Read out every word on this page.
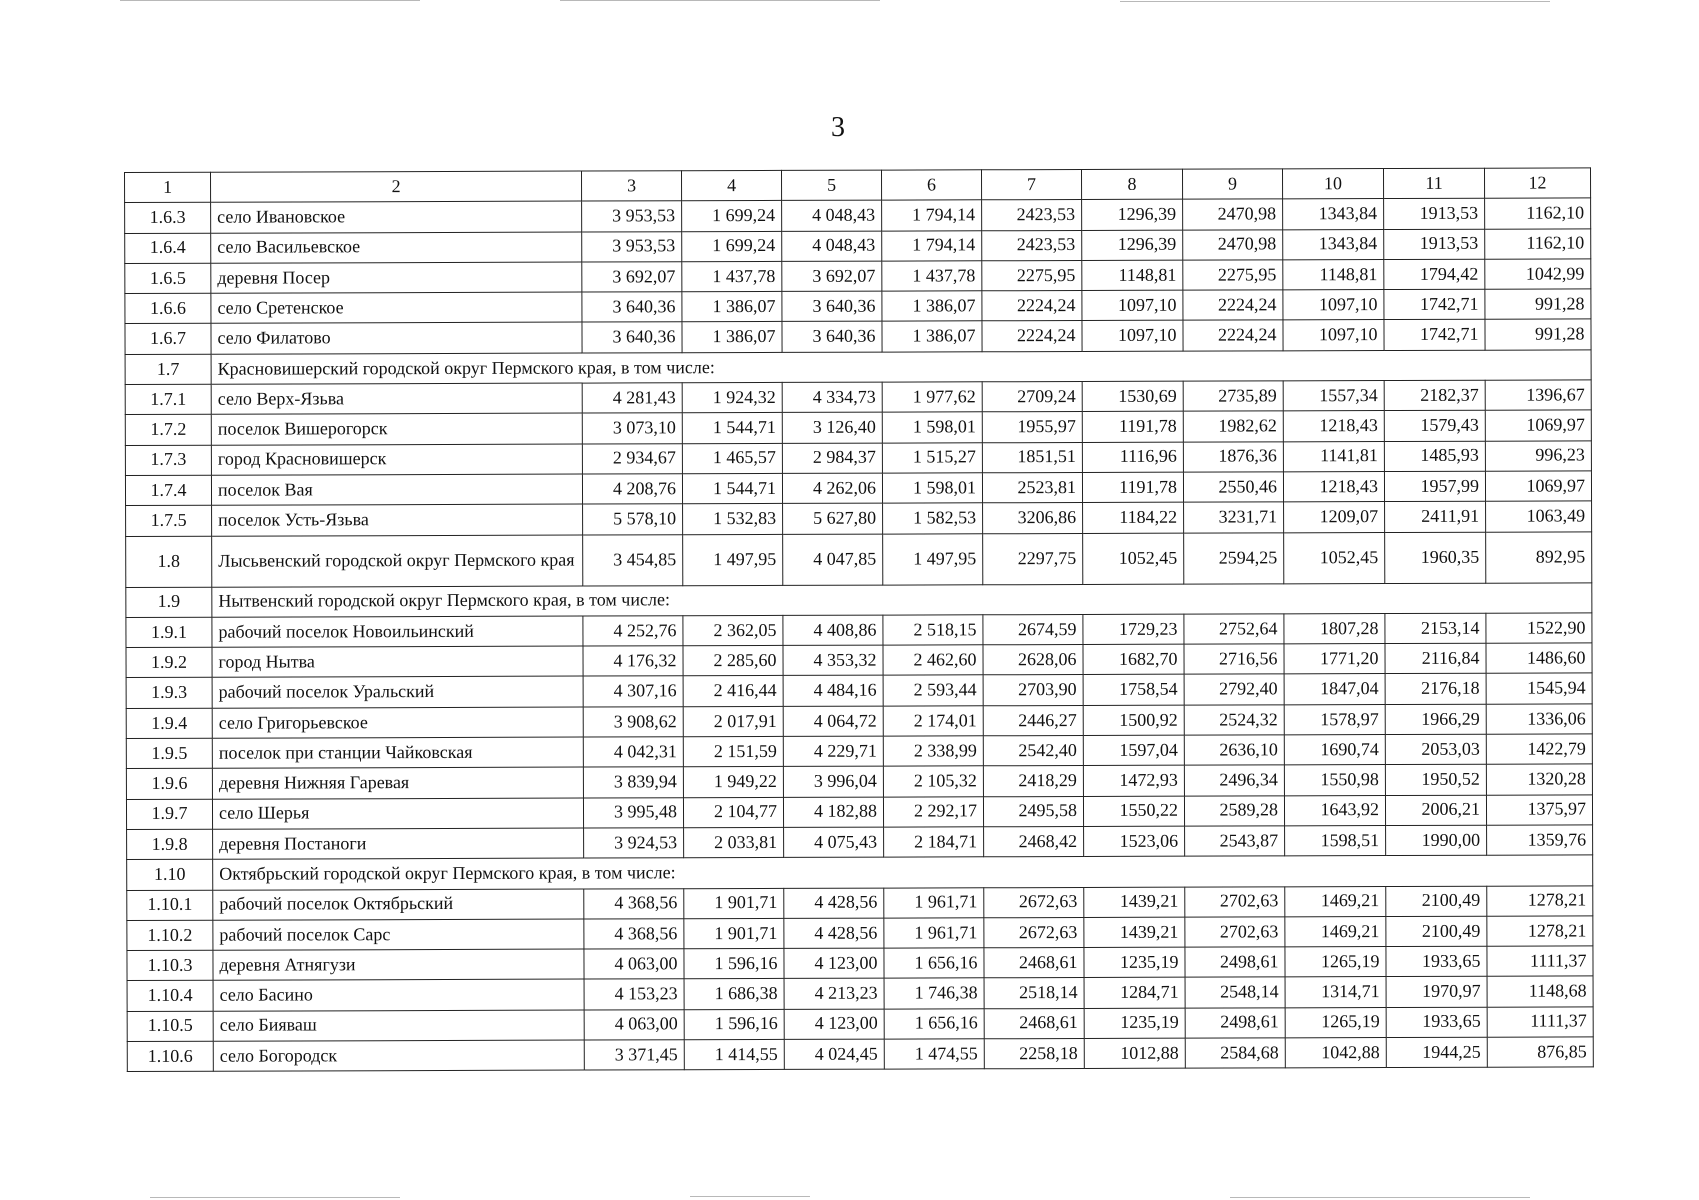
3
1	2	3	4	5	6	7	8	9	10	11	12
1.6.3	село Ивановское	3 953,53	1 699,24	4 048,43	1 794,14	2423,53	1296,39	2470,98	1343,84	1913,53	1162,10
1.6.4	село Васильевское	3 953,53	1 699,24	4 048,43	1 794,14	2423,53	1296,39	2470,98	1343,84	1913,53	1162,10
1.6.5	деревня Посер	3 692,07	1 437,78	3 692,07	1 437,78	2275,95	1148,81	2275,95	1148,81	1794,42	1042,99
1.6.6	село Сретенское	3 640,36	1 386,07	3 640,36	1 386,07	2224,24	1097,10	2224,24	1097,10	1742,71	991,28
1.6.7	село Филатово	3 640,36	1 386,07	3 640,36	1 386,07	2224,24	1097,10	2224,24	1097,10	1742,71	991,28
1.7	Красновишерский городской округ Пермского края, в том числе:										
1.7.1	село Верх-Язьва	4 281,43	1 924,32	4 334,73	1 977,62	2709,24	1530,69	2735,89	1557,34	2182,37	1396,67
1.7.2	поселок Вишерогорск	3 073,10	1 544,71	3 126,40	1 598,01	1955,97	1191,78	1982,62	1218,43	1579,43	1069,97
1.7.3	город Красновишерск	2 934,67	1 465,57	2 984,37	1 515,27	1851,51	1116,96	1876,36	1141,81	1485,93	996,23
1.7.4	поселок Вая	4 208,76	1 544,71	4 262,06	1 598,01	2523,81	1191,78	2550,46	1218,43	1957,99	1069,97
1.7.5	поселок Усть-Язьва	5 578,10	1 532,83	5 627,80	1 582,53	3206,86	1184,22	3231,71	1209,07	2411,91	1063,49
1.8	Лысьвенский городской округ Пермского края	3 454,85	1 497,95	4 047,85	1 497,95	2297,75	1052,45	2594,25	1052,45	1960,35	892,95
1.9	Нытвенский городской округ Пермского края, в том числе:										
1.9.1	рабочий поселок Новоильинский	4 252,76	2 362,05	4 408,86	2 518,15	2674,59	1729,23	2752,64	1807,28	2153,14	1522,90
1.9.2	город Нытва	4 176,32	2 285,60	4 353,32	2 462,60	2628,06	1682,70	2716,56	1771,20	2116,84	1486,60
1.9.3	рабочий поселок Уральский	4 307,16	2 416,44	4 484,16	2 593,44	2703,90	1758,54	2792,40	1847,04	2176,18	1545,94
1.9.4	село Григорьевское	3 908,62	2 017,91	4 064,72	2 174,01	2446,27	1500,92	2524,32	1578,97	1966,29	1336,06
1.9.5	поселок при станции Чайковская	4 042,31	2 151,59	4 229,71	2 338,99	2542,40	1597,04	2636,10	1690,74	2053,03	1422,79
1.9.6	деревня Нижняя Гаревая	3 839,94	1 949,22	3 996,04	2 105,32	2418,29	1472,93	2496,34	1550,98	1950,52	1320,28
1.9.7	село Шерья	3 995,48	2 104,77	4 182,88	2 292,17	2495,58	1550,22	2589,28	1643,92	2006,21	1375,97
1.9.8	деревня Постаноги	3 924,53	2 033,81	4 075,43	2 184,71	2468,42	1523,06	2543,87	1598,51	1990,00	1359,76
1.10	Октябрьский городской округ Пермского края, в том числе:										
1.10.1	рабочий поселок Октябрьский	4 368,56	1 901,71	4 428,56	1 961,71	2672,63	1439,21	2702,63	1469,21	2100,49	1278,21
1.10.2	рабочий поселок Сарс	4 368,56	1 901,71	4 428,56	1 961,71	2672,63	1439,21	2702,63	1469,21	2100,49	1278,21
1.10.3	деревня Атнягузи	4 063,00	1 596,16	4 123,00	1 656,16	2468,61	1235,19	2498,61	1265,19	1933,65	1111,37
1.10.4	село Басино	4 153,23	1 686,38	4 213,23	1 746,38	2518,14	1284,71	2548,14	1314,71	1970,97	1148,68
1.10.5	село Бияваш	4 063,00	1 596,16	4 123,00	1 656,16	2468,61	1235,19	2498,61	1265,19	1933,65	1111,37
1.10.6	село Богородск	3 371,45	1 414,55	4 024,45	1 474,55	2258,18	1012,88	2584,68	1042,88	1944,25	876,85
